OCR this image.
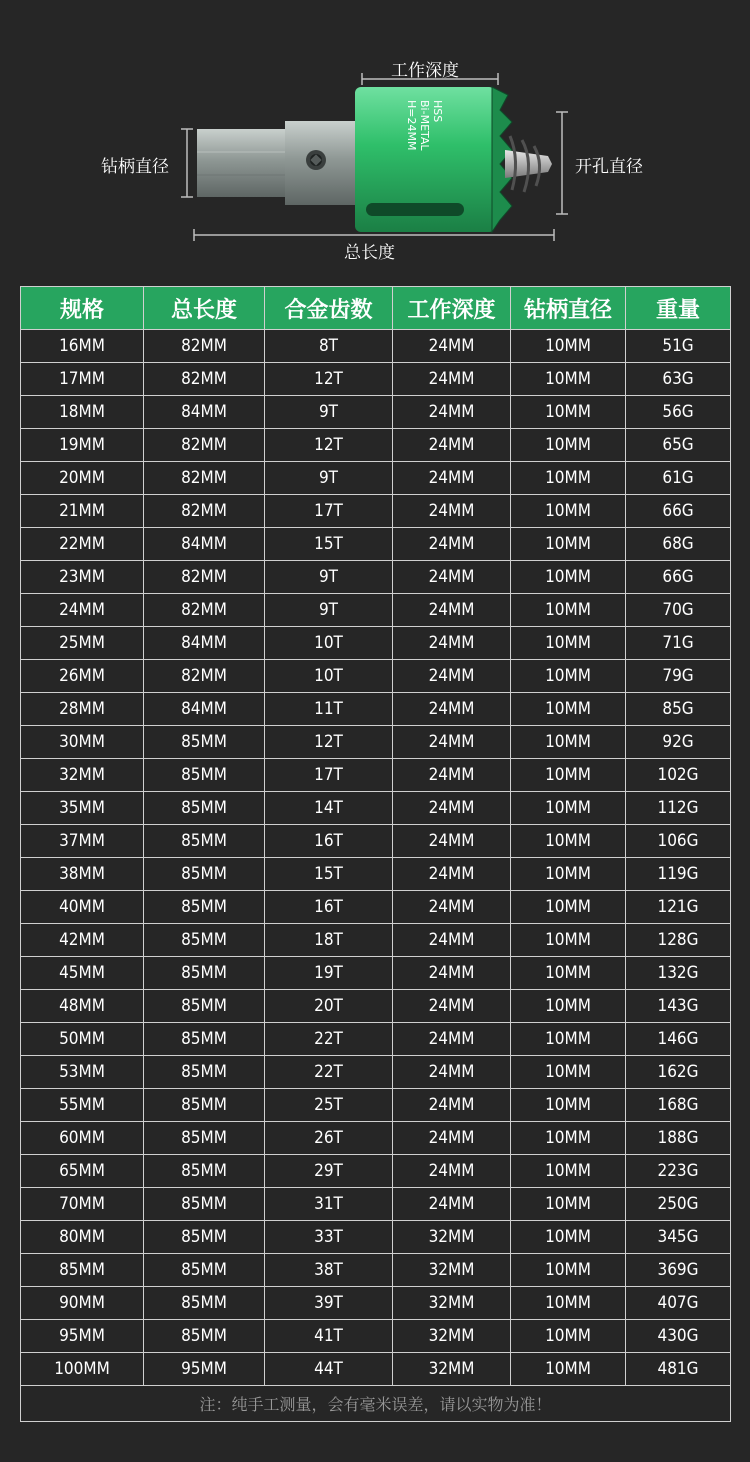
HSS
Bi-METAL
H=24MM
工作深度
钻柄直径	开孔直径
总长度
规格	总长度	合金齿数	工作深度	钻柄直径	重量
16MM	82MM	8T	24MM	10MM	51G
17MM	82MM	12T	24MM	10MM	63G
18MM	84MM	9T	24MM	10MM	56G
19MM	82MM	12T	24MM	10MM	65G
20MM	82MM	9T	24MM	10MM	61G
21MM	82MM	17T	24MM	10MM	66G
22MM	84MM	15T	24MM	10MM	68G
23MM	82MM	9T	24MM	10MM	66G
24MM	82MM	9T	24MM	10MM	70G
25MM	84MM	10T	24MM	10MM	71G
26MM	82MM	10T	24MM	10MM	79G
28MM	84MM	11T	24MM	10MM	85G
30MM	85MM	12T	24MM	10MM	92G
32MM	85MM	17T	24MM	10MM	102G
35MM	85MM	14T	24MM	10MM	112G
37MM	85MM	16T	24MM	10MM	106G
38MM	85MM	15T	24MM	10MM	119G
40MM	85MM	16T	24MM	10MM	121G
42MM	85MM	18T	24MM	10MM	128G
45MM	85MM	19T	24MM	10MM	132G
48MM	85MM	20T	24MM	10MM	143G
50MM	85MM	22T	24MM	10MM	146G
53MM	85MM	22T	24MM	10MM	162G
55MM	85MM	25T	24MM	10MM	168G
60MM	85MM	26T	24MM	10MM	188G
65MM	85MM	29T	24MM	10MM	223G
70MM	85MM	31T	24MM	10MM	250G
80MM	85MM	33T	32MM	10MM	345G
85MM	85MM	38T	32MM	10MM	369G
90MM	85MM	39T	32MM	10MM	407G
95MM	85MM	41T	32MM	10MM	430G
100MM	95MM	44T	32MM	10MM	481G
注：纯手工测量，会有毫米误差，请以实物为准！					
